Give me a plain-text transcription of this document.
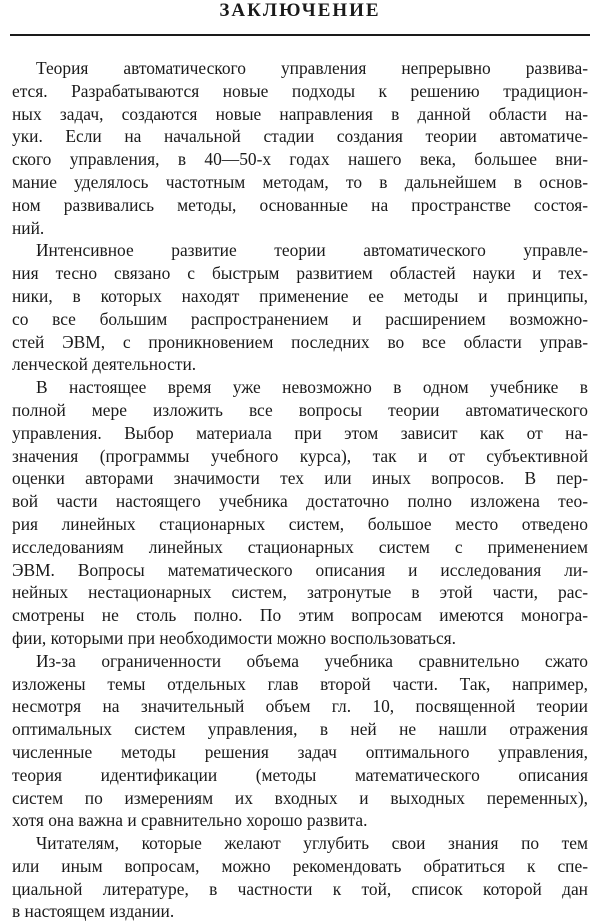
ЗАКЛЮЧЕНИЕ
Теория автоматического управления непрерывно развива-
ется. Разрабатываются новые подходы к решению традицион-
ных задач, создаются новые направления в данной области на-
уки. Если на начальной стадии создания теории автоматиче-
ского управления, в 40—50-х годах нашего века, большее вни-
мание уделялось частотным методам, то в дальнейшем в основ-
ном развивались методы, основанные на пространстве состоя-
ний.
Интенсивное развитие теории автоматического управле-
ния тесно связано с быстрым развитием областей науки и тех-
ники, в которых находят применение ее методы и принципы,
со все большим распространением и расширением возможно-
стей ЭВМ, с проникновением последних во все области управ-
ленческой деятельности.
В настоящее время уже невозможно в одном учебнике в
полной мере изложить все вопросы теории автоматического
управления. Выбор материала при этом зависит как от на-
значения (программы учебного курса), так и от субъективной
оценки авторами значимости тех или иных вопросов. В пер-
вой части настоящего учебника достаточно полно изложена тео-
рия линейных стационарных систем, большое место отведено
исследованиям линейных стационарных систем с применением
ЭВМ. Вопросы математического описания и исследования ли-
нейных нестационарных систем, затронутые в этой части, рас-
смотрены не столь полно. По этим вопросам имеются моногра-
фии, которыми при необходимости можно воспользоваться.
Из-за ограниченности объема учебника сравнительно сжато
изложены темы отдельных глав второй части. Так, например,
несмотря на значительный объем гл. 10, посвященной теории
оптимальных систем управления, в ней не нашли отражения
численные методы решения задач оптимального управления,
теория идентификации (методы математического описания
систем по измерениям их входных и выходных переменных),
хотя она важна и сравнительно хорошо развита.
Читателям, которые желают углубить свои знания по тем
или иным вопросам, можно рекомендовать обратиться к спе-
циальной литературе, в частности к той, список которой дан
в настоящем издании.
